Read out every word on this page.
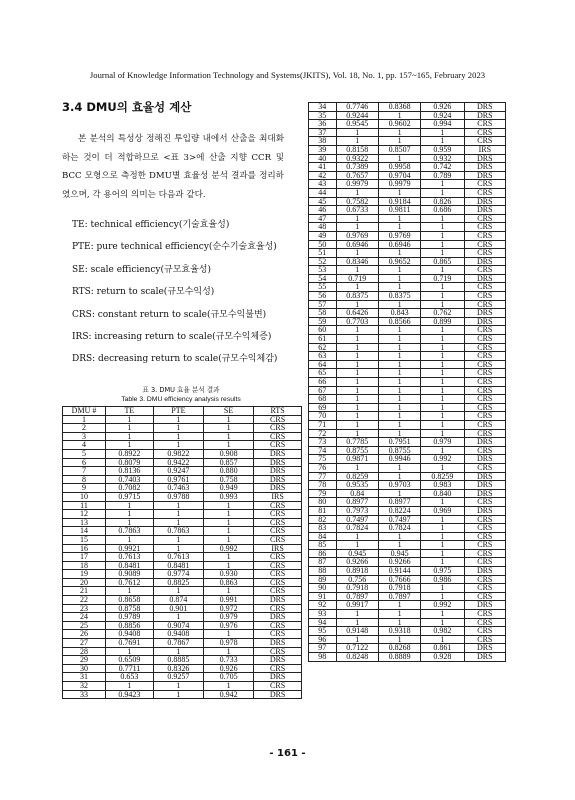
Journal of Knowledge Information Technology and Systems(JKITS), Vol. 18, No. 1, pp. 157~165, February 2023
3.4 DMU의 효율성 계산

본 분석의 특성상 정해진 투입량 내에서 산출을 최대화하는 것이 더 적합하므로 <표 3>에 산출 지향 CCR 및 BCC 모형으로 측정한 DMU별 효율성 분석 결과를 정리하였으며, 각 용어의 의미는 다음과 같다.

TE: technical efficiency(기술효율성)
PTE: pure technical efficiency(순수기술효율성)
SE: scale efficiency(규모효율성)
RTS: return to scale(규모수익성)
CRS: constant return to scale(규모수익불변)
IRS: increasing return to scale(규모수익체증)
DRS: decreasing return to scale(규모수익체감)

표 3. DMU 효율 분석 결과

Table 3. DMU efficiency analysis results

DMU #	TE	PTE	SE	RTS
1	1	1	1	CRS
2	1	1	1	CRS
3	1	1	1	CRS
4	1	1	1	CRS
5	0.8922	0.9822	0.908	DRS
6	0.8079	0.9422	0.857	DRS
7	0.8136	0.9247	0.880	DRS
8	0.7403	0.9761	0.758	DRS
9	0.7082	0.7463	0.949	DRS
10	0.9715	0.9788	0.993	IRS
11	1	1	1	CRS
12	1	1	1	CRS
13	1	1	1	CRS
14	0.7863	0.7863	1	CRS
15	1	1	1	CRS
16	0.9921	1	0.992	IRS
17	0.7613	0.7613	1	CRS
18	0.8481	0.8481	1	CRS
19	0.9089	0.9774	0.930	CRS
20	0.7612	0.8825	0.863	CRS
21	1	1	1	CRS
22	0.8658	0.874	0.991	DRS
23	0.8758	0.901	0.972	CRS
24	0.9789	1	0.979	DRS
25	0.8856	0.9074	0.976	CRS
26	0.9408	0.9408	1	CRS
27	0.7691	0.7867	0.978	DRS
28	1	1	1	CRS
29	0.6509	0.8885	0.733	DRS
30	0.7711	0.8326	0.926	CRS
31	0.653	0.9257	0.705	DRS
32	1	1	1	CRS
33	0.9423	1	0.942	DRS
34	0.7746	0.8368	0.926	DRS
35	0.9244	1	0.924	DRS
36	0.9545	0.9602	0.994	CRS
37	1	1	1	CRS
38	1	1	1	CRS
39	0.8158	0.8507	0.959	IRS
40	0.9322	1	0.932	DRS
41	0.7389	0.9958	0.742	DRS
42	0.7657	0.9704	0.789	DRS
43	0.9979	0.9979	1	CRS
44	1	1	1	CRS
45	0.7582	0.9184	0.826	DRS
46	0.6733	0.9811	0.686	DRS
47	1	1	1	CRS
48	1	1	1	CRS
49	0.9769	0.9769	1	CRS
50	0.6946	0.6946	1	CRS
51	1	1	1	CRS
52	0.8346	0.9652	0.865	DRS
53	1	1	1	CRS
54	0.719	1	0.719	DRS
55	1	1	1	CRS
56	0.8375	0.8375	1	CRS
57	1	1	1	CRS
58	0.6426	0.843	0.762	DRS
59	0.7703	0.8566	0.899	DRS
60	1	1	1	CRS
61	1	1	1	CRS
62	1	1	1	CRS
63	1	1	1	CRS
64	1	1	1	CRS
65	1	1	1	CRS
66	1	1	1	CRS
67	1	1	1	CRS
68	1	1	1	CRS
69	1	1	1	CRS
70	1	1	1	CRS
71	1	1	1	CRS
72	1	1	1	CRS
73	0.7785	0.7951	0.979	DRS
74	0.8755	0.8755	1	CRS
75	0.9871	0.9946	0.992	DRS
76	1	1	1	CRS
77	0.8259	1	0.8259	DRS
78	0.9535	0.9703	0.983	DRS
79	0.84	1	0.840	DRS
80	0.8977	0.8977	1	CRS
81	0.7973	0.8224	0.969	DRS
82	0.7497	0.7497	1	CRS
83	0.7824	0.7824	1	CRS
84	1	1	1	CRS
85	1	1	1	CRS
86	0.945	0.945	1	CRS
87	0.9266	0.9266	1	CRS
88	0.8918	0.9144	0.975	DRS
89	0.756	0.7666	0.986	CRS
90	0.7918	0.7918	1	CRS
91	0.7897	0.7897	1	CRS
92	0.9917	1	0.992	DRS
93	1	1	1	CRS
94	1	1	1	CRS
95	0.9148	0.9318	0.982	CRS
96	1	1	1	CRS
97	0.7122	0.8268	0.861	DRS
98	0.8248	0.8889	0.928	DRS
- 161 -
